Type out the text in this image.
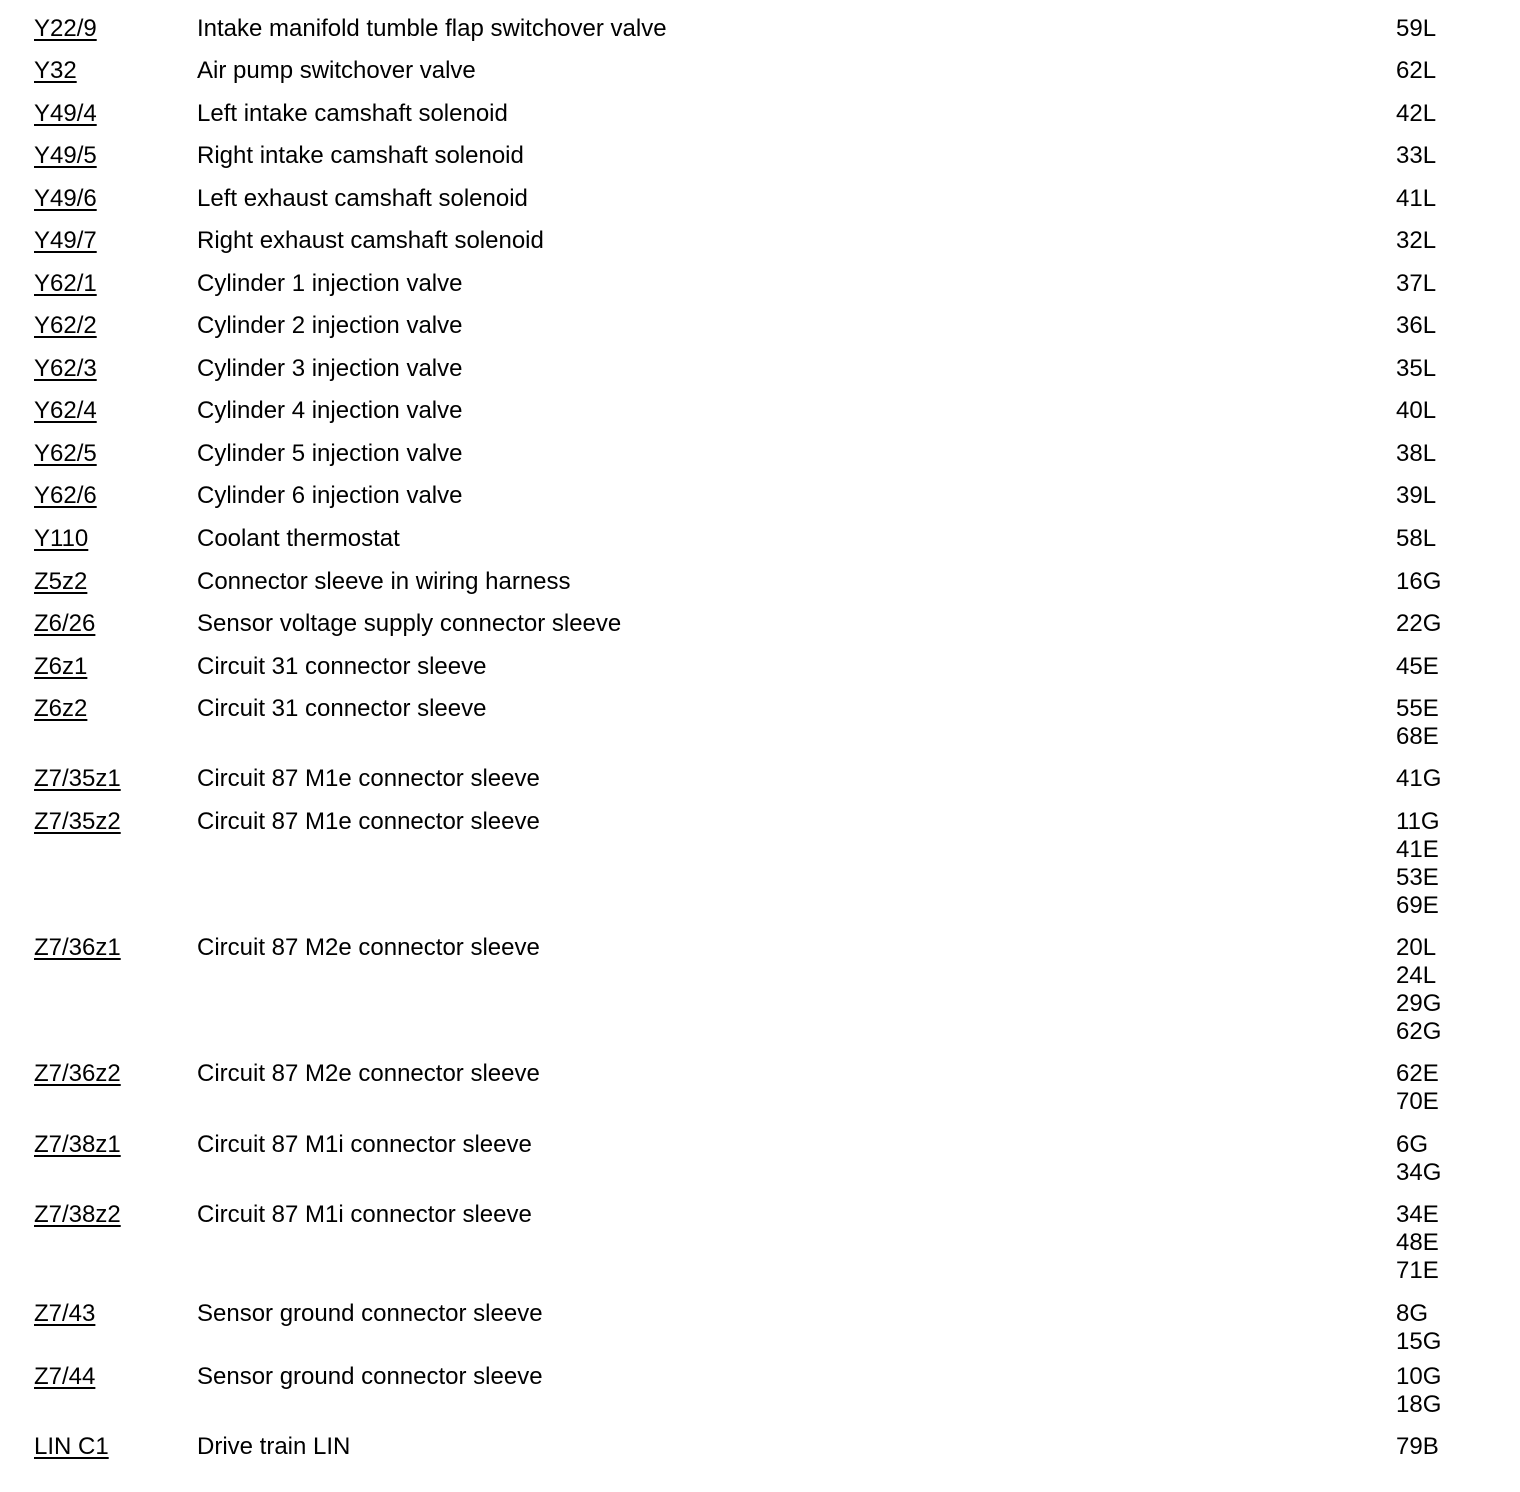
Y22/9	Intake manifold tumble flap switchover valve	59L
Y32	Air pump switchover valve	62L
Y49/4	Left intake camshaft solenoid	42L
Y49/5	Right intake camshaft solenoid	33L
Y49/6	Left exhaust camshaft solenoid	41L
Y49/7	Right exhaust camshaft solenoid	32L
Y62/1	Cylinder 1 injection valve	37L
Y62/2	Cylinder 2 injection valve	36L
Y62/3	Cylinder 3 injection valve	35L
Y62/4	Cylinder 4 injection valve	40L
Y62/5	Cylinder 5 injection valve	38L
Y62/6	Cylinder 6 injection valve	39L
Y110	Coolant thermostat	58L
Z5z2	Connector sleeve in wiring harness	16G
Z6/26	Sensor voltage supply connector sleeve	22G
Z6z1	Circuit 31 connector sleeve	45E
Z6z2	Circuit 31 connector sleeve	55E
68E
Z7/35z1	Circuit 87 M1e connector sleeve	41G
Z7/35z2	Circuit 87 M1e connector sleeve	11G
41E
53E
69E
Z7/36z1	Circuit 87 M2e connector sleeve	20L
24L
29G
62G
Z7/36z2	Circuit 87 M2e connector sleeve	62E
70E
Z7/38z1	Circuit 87 M1i connector sleeve	6G
34G
Z7/38z2	Circuit 87 M1i connector sleeve	34E
48E
71E
Z7/43	Sensor ground connector sleeve	8G
15G
Z7/44	Sensor ground connector sleeve	10G
18G
LIN C1	Drive train LIN	79B
